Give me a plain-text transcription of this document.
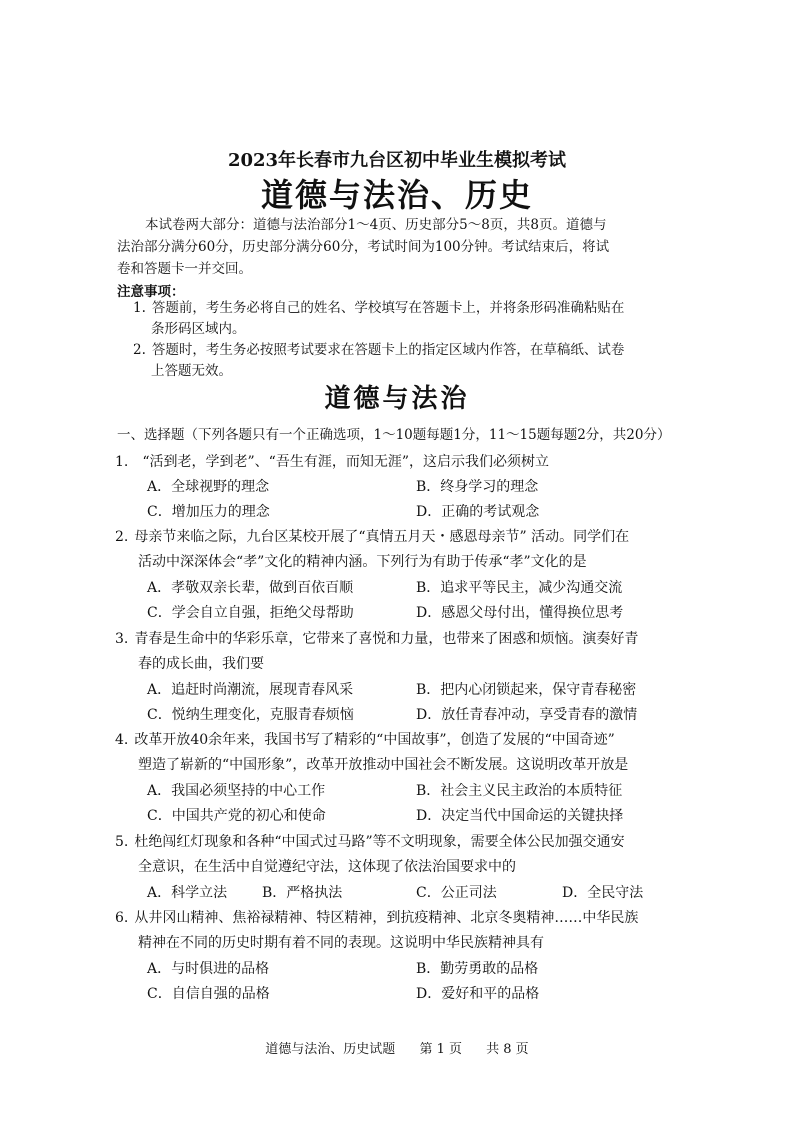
2023年长春市九台区初中毕业生模拟考试
道德与法治、历史
本试卷两大部分：道德与法治部分1～4页、历史部分5～8页，共8页。道德与
法治部分满分60分，历史部分满分60分，考试时间为100分钟。考试结束后，将试
卷和答题卡一并交回。
注意事项：
1. 答题前，考生务必将自己的姓名、学校填写在答题卡上，并将条形码准确粘贴在
条形码区域内。
2. 答题时，考生务必按照考试要求在答题卡上的指定区域内作答，在草稿纸、试卷
上答题无效。
道德与法治
一、选择题（下列各题只有一个正确选项，1～10题每题1分，11～15题每题2分，共20分）
1. “活到老，学到老”、“吾生有涯，而知无涯”，这启示我们必须树立
A．全球视野的理念	B．终身学习的理念
C．增加压力的理念	D．正确的考试观念
2. 母亲节来临之际，九台区某校开展了“真情五月天・感恩母亲节” 活动。同学们在
活动中深深体会“孝”文化的精神内涵。下列行为有助于传承“孝”文化的是
A．孝敬双亲长辈，做到百依百顺	B．追求平等民主，减少沟通交流
C．学会自立自强，拒绝父母帮助	D．感恩父母付出，懂得换位思考
3. 青春是生命中的华彩乐章，它带来了喜悦和力量，也带来了困惑和烦恼。演奏好青
春的成长曲，我们要
A．追赶时尚潮流，展现青春风采	B．把内心闭锁起来，保守青春秘密
C．悦纳生理变化，克服青春烦恼	D．放任青春冲动，享受青春的激情
4. 改革开放40余年来，我国书写了精彩的“中国故事”，创造了发展的“中国奇迹”
塑造了崭新的“中国形象”，改革开放推动中国社会不断发展。这说明改革开放是
A．我国必须坚持的中心工作	B．社会主义民主政治的本质特征
C．中国共产党的初心和使命	D．决定当代中国命运的关键抉择
5. 杜绝闯红灯现象和各种“中国式过马路”等不文明现象，需要全体公民加强交通安
全意识，在生活中自觉遵纪守法，这体现了依法治国要求中的
A．科学立法 B．严格执法	C．公正司法	D．全民守法
6. 从井冈山精神、焦裕禄精神、特区精神，到抗疫精神、北京冬奥精神……中华民族
精神在不同的历史时期有着不同的表现。这说明中华民族精神具有
A．与时俱进的品格	B．勤劳勇敢的品格
C．自信自强的品格	D．爱好和平的品格
道德与法治、历史试题 第 1 页 共 8 页
